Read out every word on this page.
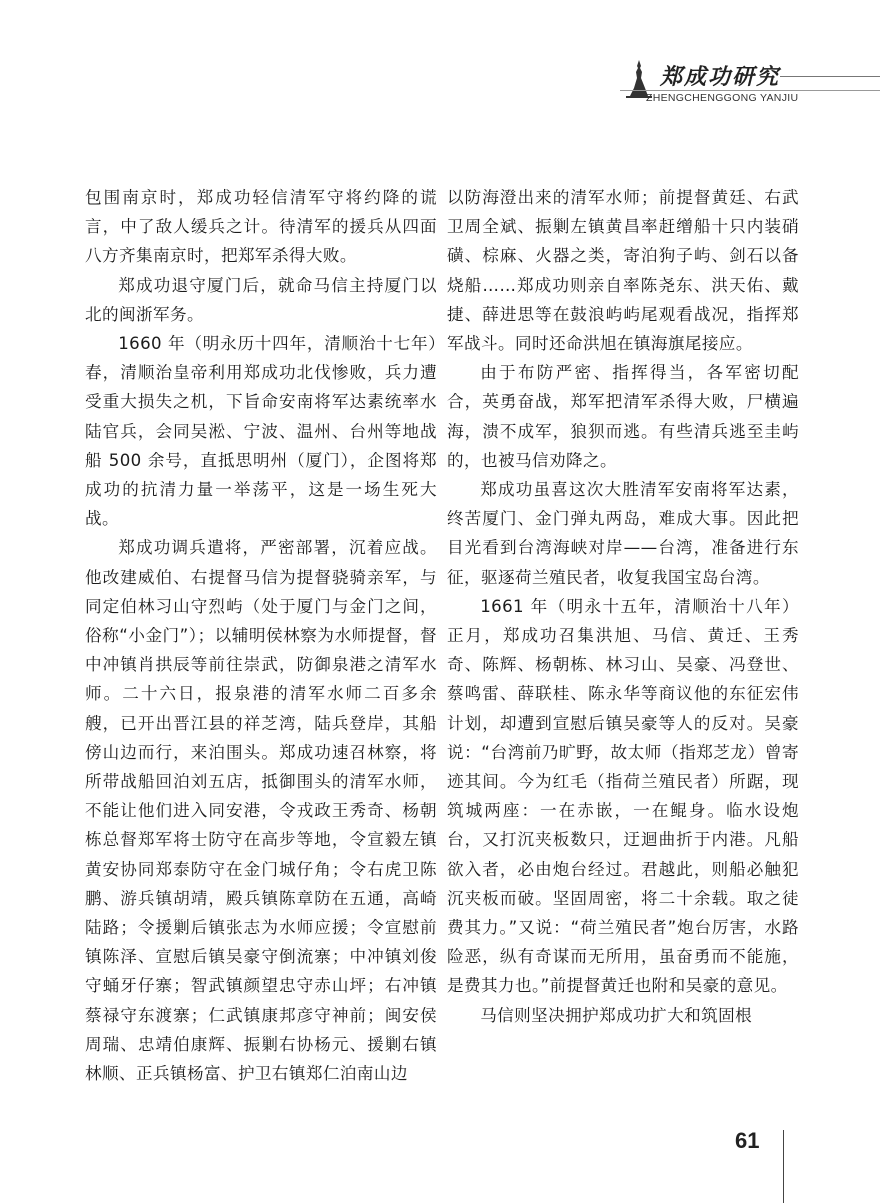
郑成功研究
ZHENGCHENGGONG YANJIU

包围南京时，郑成功轻信清军守将约降的谎言，中了敌人缓兵之计。待清军的援兵从四面八方齐集南京时，把郑军杀得大败。

郑成功退守厦门后，就命马信主持厦门以北的闽浙军务。

1660 年（明永历十四年，清顺治十七年）春，清顺治皇帝利用郑成功北伐惨败，兵力遭受重大损失之机，下旨命安南将军达素统率水陆官兵，会同吴淞、宁波、温州、台州等地战船 500 余号，直抵思明州（厦门），企图将郑成功的抗清力量一举荡平，这是一场生死大战。

郑成功调兵遣将，严密部署，沉着应战。他改建威伯、右提督马信为提督骁骑亲军，与同定伯林习山守烈屿（处于厦门与金门之间，俗称“小金门”）；以辅明侯林察为水师提督，督中冲镇肖拱辰等前往崇武，防御泉港之清军水师。二十六日，报泉港的清军水师二百多余艘，已开出晋江县的祥芝湾，陆兵登岸，其船傍山边而行，来泊围头。郑成功速召林察，将所带战船回泊刘五店，抵御围头的清军水师，不能让他们进入同安港，令戎政王秀奇、杨朝栋总督郑军将士防守在高步等地，令宣毅左镇黄安协同郑泰防守在金门城仔角；令右虎卫陈鹏、游兵镇胡靖，殿兵镇陈章防在五通，高崎陆路；令援剿后镇张志为水师应援；令宣慰前镇陈泽、宣慰后镇吴豪守倒流寨；中冲镇刘俊守蛹牙仔寨；智武镇颜望忠守赤山坪；右冲镇蔡禄守东渡寨；仁武镇康邦彦守神前；闽安侯周瑞、忠靖伯康辉、振剿右协杨元、援剿右镇林顺、正兵镇杨富、护卫右镇郑仁泊南山边

以防海澄出来的清军水师；前提督黄廷、右武卫周全斌、振剿左镇黄昌率赶缯船十只内装硝磺、棕麻、火器之类，寄泊狗子屿、剑石以备烧船……郑成功则亲自率陈尧东、洪天佑、戴捷、薛进思等在鼓浪屿屿尾观看战况，指挥郑军战斗。同时还命洪旭在镇海旗尾接应。

由于布防严密、指挥得当，各军密切配合，英勇奋战，郑军把清军杀得大败，尸横遍海，溃不成军，狼狈而逃。有些清兵逃至圭屿的，也被马信劝降之。

郑成功虽喜这次大胜清军安南将军达素，终苦厦门、金门弹丸两岛，难成大事。因此把目光看到台湾海峡对岸——台湾，准备进行东征，驱逐荷兰殖民者，收复我国宝岛台湾。

1661 年（明永十五年，清顺治十八年）正月，郑成功召集洪旭、马信、黄迁、王秀奇、陈辉、杨朝栋、林习山、吴豪、冯登世、蔡鸣雷、薛联桂、陈永华等商议他的东征宏伟计划，却遭到宣慰后镇吴豪等人的反对。吴豪说：“台湾前乃旷野，故太师（指郑芝龙）曾寄迹其间。今为红毛（指荷兰殖民者）所踞，现筑城两座：一在赤嵌，一在鲲身。临水设炮台，又打沉夹板数只，迂迴曲折于内港。凡船欲入者，必由炮台经过。君越此，则船必触犯沉夹板而破。坚固周密，将二十余载。取之徒费其力。”又说：“荷兰殖民者”炮台厉害，水路险恶，纵有奇谋而无所用，虽奋勇而不能施，是费其力也。”前提督黄迁也附和吴豪的意见。

马信则坚决拥护郑成功扩大和筑固根

61
